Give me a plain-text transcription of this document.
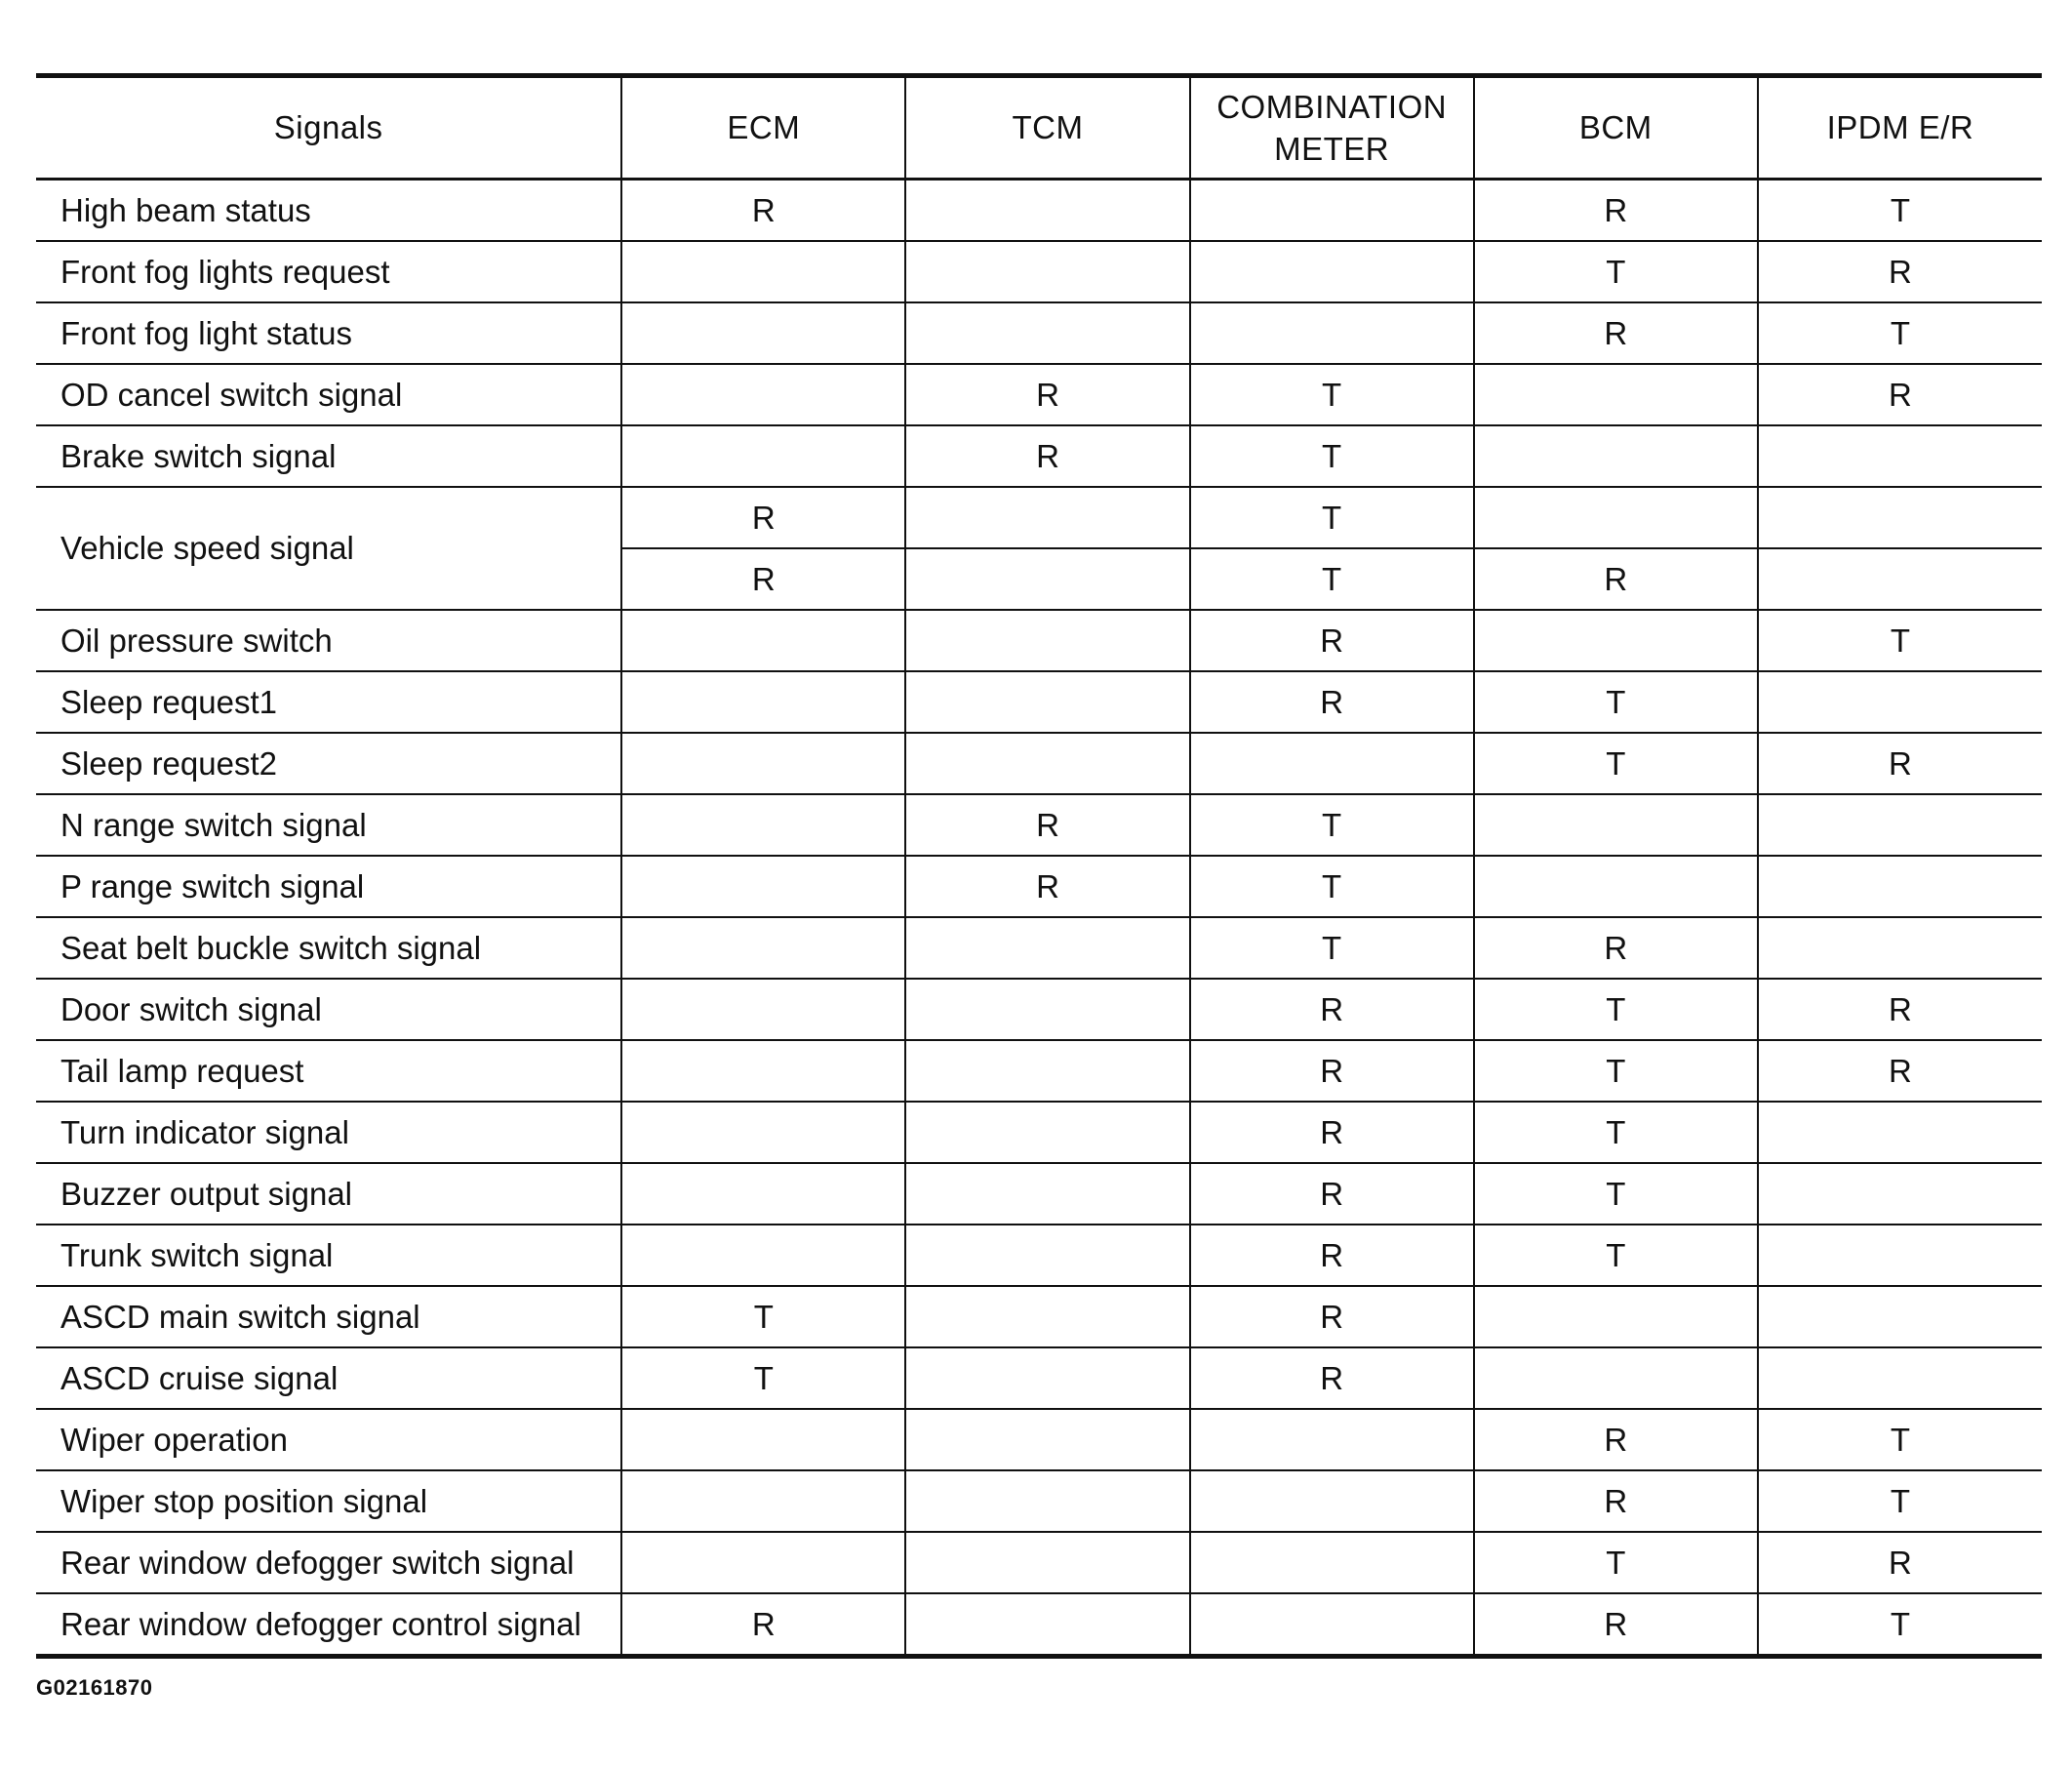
Signals	ECM	TCM	COMBINATION METER	BCM	IPDM E/R
High beam status	R			R	T
Front fog lights request				T	R
Front fog light status				R	T
OD cancel switch signal		R	T		R
Brake switch signal		R	T		
Vehicle speed signal	R		T		
	R		T	R	
Oil pressure switch			R		T
Sleep request1			R	T	
Sleep request2				T	R
N range switch signal		R	T		
P range switch signal		R	T		
Seat belt buckle switch signal			T	R	
Door switch signal			R	T	R
Tail lamp request			R	T	R
Turn indicator signal			R	T	
Buzzer output signal			R	T	
Trunk switch signal			R	T	
ASCD main switch signal	T		R		
ASCD cruise signal	T		R		
Wiper operation				R	T
Wiper stop position signal				R	T
Rear window defogger switch signal				T	R
Rear window defogger control signal	R			R	T
G02161870
